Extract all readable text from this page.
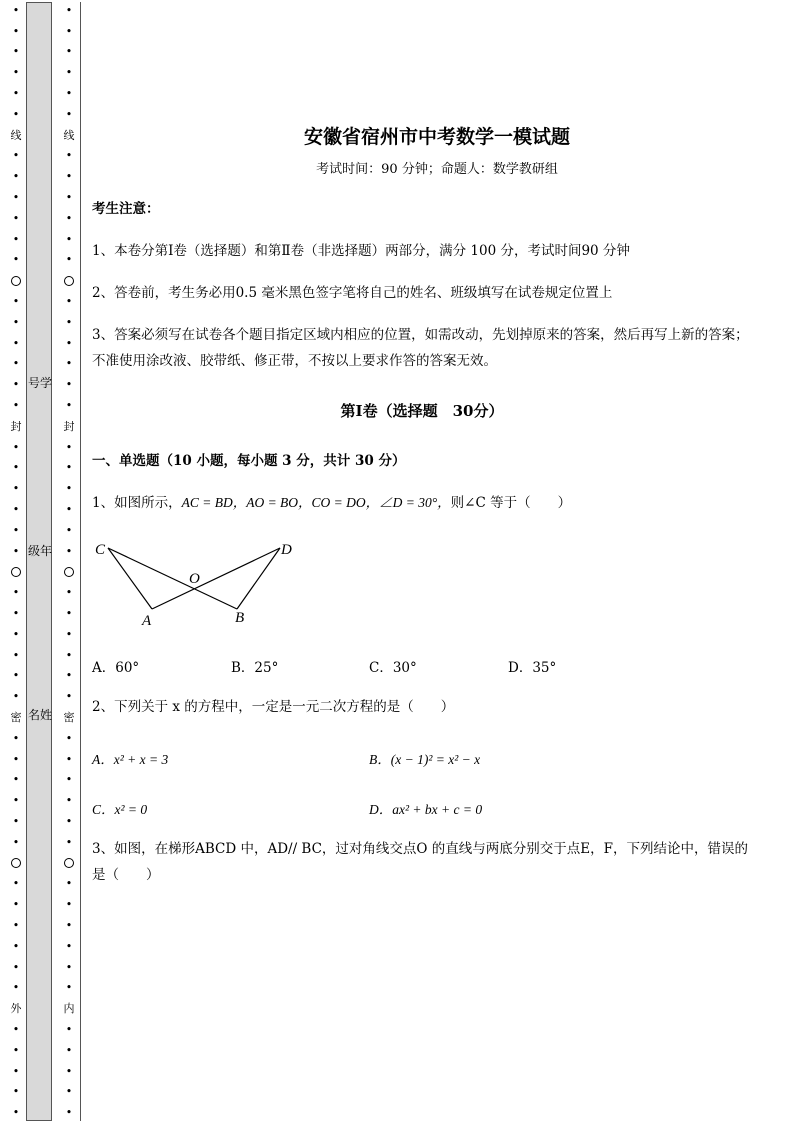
•
•
•
•
•
•
线
•
•
•
•
•
•
•
•
•
•
•
•
封
•
•
•
•
•
•
•
•
•
•
•
•
密
•
•
•
•
•
•
•
•
•
•
•
•
外
•
•
•
•
•
号学
级年
名姓
•
•
•
•
•
•
线
•
•
•
•
•
•
•
•
•
•
•
•
封
•
•
•
•
•
•
•
•
•
•
•
•
密
•
•
•
•
•
•
•
•
•
•
•
•
内
•
•
•
•
•
安徽省宿州市中考数学一模试题
考试时间：90 分钟；命题人：数学教研组
考生注意：
1、本卷分第Ⅰ卷（选择题）和第Ⅱ卷（非选择题）两部分，满分 100 分，考试时间90 分钟
2、答卷前，考生务必用0.5 毫米黑色签字笔将自己的姓名、班级填写在试卷规定位置上
3、答案必须写在试卷各个题目指定区域内相应的位置，如需改动，先划掉原来的答案，然后再写上新的答案；不准使用涂改液、胶带纸、修正带，不按以上要求作答的答案无效。
第Ⅰ卷（选择题　30分）
一、单选题（10 小题，每小题 3 分，共计 30 分）
1、如图所示，AC = BD，AO = BO，CO = DO，∠D = 30°，则∠C 等于（　　）
C	D
O
A	B
A．60°	B．25°	C．30°	D．35°
2、下列关于 x 的方程中，一定是一元二次方程的是（　　）
A．x² + x = 3	B．(x − 1)² = x² − x
C．x² = 0	D．ax² + bx + c = 0
3、如图，在梯形ABCD 中，AD// BC，过对角线交点O 的直线与两底分别交于点E，F，下列结论中，错误的是（　　）
